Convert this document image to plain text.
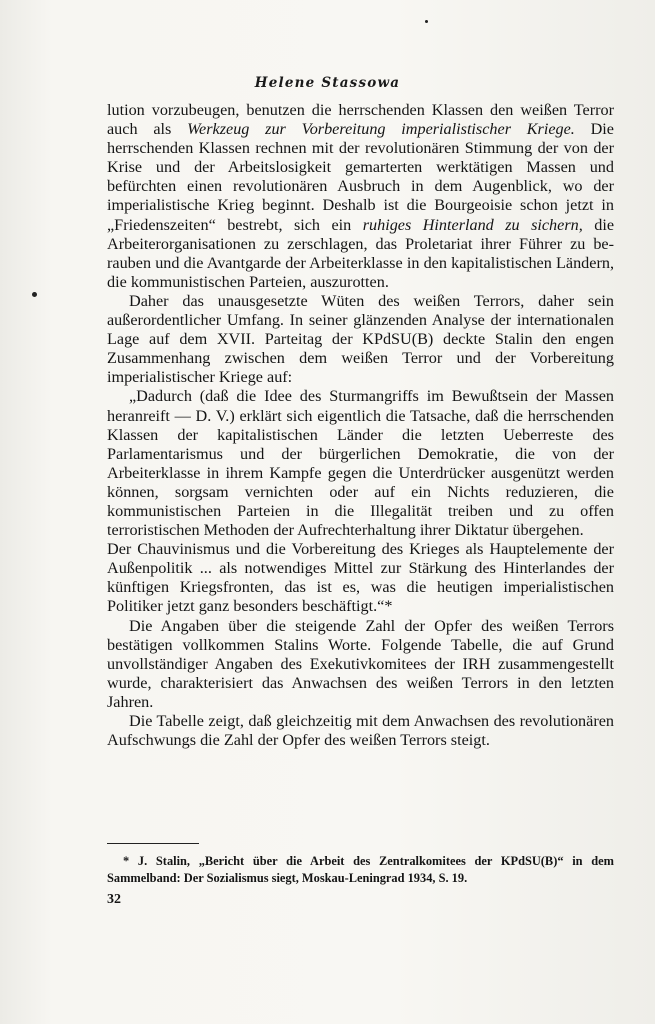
Helene Stassowa

lution vorzubeugen, benutzen die herrschenden Klassen den weißen Terror auch als Werkzeug zur Vorbereitung imperialistischer Kriege. Die herrschenden Klassen rechnen mit der revolutionären Stimmung der von der Krise und der Arbeitslosigkeit gemarterten werktätigen Massen und befürchten einen revolutionären Ausbruch in dem Augenblick, wo der imperialistische Krieg beginnt. Deshalb ist die Bourgeoisie schon jetzt in „Friedenszeiten“ bestrebt, sich ein ruhiges Hinterland zu sichern, die Arbeiterorganisationen zu zerschlagen, das Proletariat ihrer Führer zu berauben und die Avantgarde der Arbeiterklasse in den kapitalistischen Ländern, die kommunistischen Parteien, auszurotten.

Daher das unausgesetzte Wüten des weißen Terrors, daher sein außerordentlicher Umfang. In seiner glänzenden Analyse der internationalen Lage auf dem XVII. Parteitag der KPdSU(B) deckte Stalin den engen Zusammenhang zwischen dem weißen Terror und der Vorbereitung imperialistischer Kriege auf:

„Dadurch (daß die Idee des Sturmangriffs im Bewußtsein der Massen heranreift — D. V.) erklärt sich eigentlich die Tatsache, daß die herrschenden Klassen der kapitalistischen Länder die letzten Ueberreste des Parlamentarismus und der bürgerlichen Demokratie, die von der Arbeiterklasse in ihrem Kampfe gegen die Unterdrücker ausgenützt werden können, sorgsam vernichten oder auf ein Nichts reduzieren, die kommunistischen Parteien in die Illegalität treiben und zu offen terroristischen Methoden der Aufrechterhaltung ihrer Diktatur übergehen.

Der Chauvinismus und die Vorbereitung des Krieges als Hauptelemente der Außenpolitik ... als notwendiges Mittel zur Stärkung des Hinterlandes der künftigen Kriegsfronten, das ist es, was die heutigen imperialistischen Politiker jetzt ganz besonders beschäftigt.“*

Die Angaben über die steigende Zahl der Opfer des weißen Terrors bestätigen vollkommen Stalins Worte. Folgende Tabelle, die auf Grund unvollständiger Angaben des Exekutivkomitees der IRH zusammengestellt wurde, charakterisiert das Anwachsen des weißen Terrors in den letzten Jahren.

Die Tabelle zeigt, daß gleichzeitig mit dem Anwachsen des revolutionären Aufschwungs die Zahl der Opfer des weißen Terrors steigt.

* J. Stalin, „Bericht über die Arbeit des Zentralkomitees der KPdSU(B)“ in dem Sammelband: Der Sozialismus siegt, Moskau-Leningrad 1934, S. 19.

32
